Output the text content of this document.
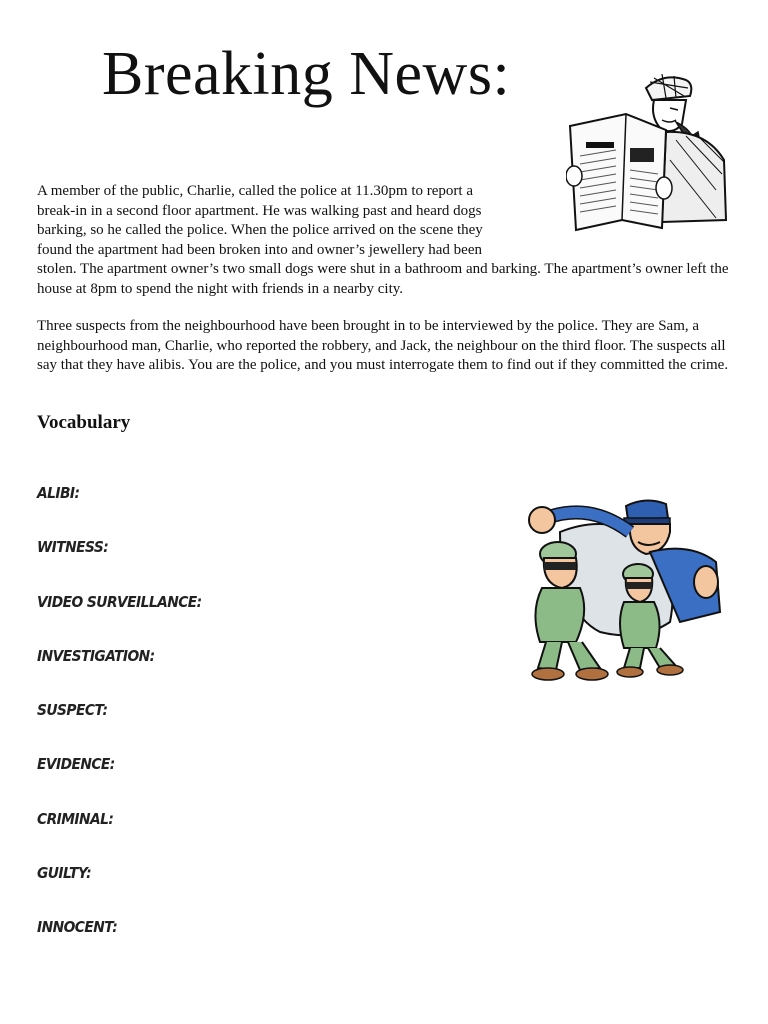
Breaking News:

A member of the public, Charlie, called the police at 11.30pm to report a break-in in a second floor apartment. He was walking past and heard dogs barking, so he called the police. When the police arrived on the scene they found the apartment had been broken into and owner’s jewellery had been stolen. The apartment owner’s two small dogs were shut in a bathroom and barking. The apartment’s owner left the house at 8pm to spend the night with friends in a nearby city.

Three suspects from the neighbourhood have been brought in to be interviewed by the police. They are Sam, a neighbourhood man, Charlie, who reported the robbery, and Jack, the neighbour on the third floor. The suspects all say that they have alibis. You are the police, and you must interrogate them to find out if they committed the crime.

Vocabulary
ALIBI:
WITNESS:
VIDEO SURVEILLANCE:
INVESTIGATION:
SUSPECT:
EVIDENCE:
CRIMINAL:
GUILTY:
INNOCENT:
